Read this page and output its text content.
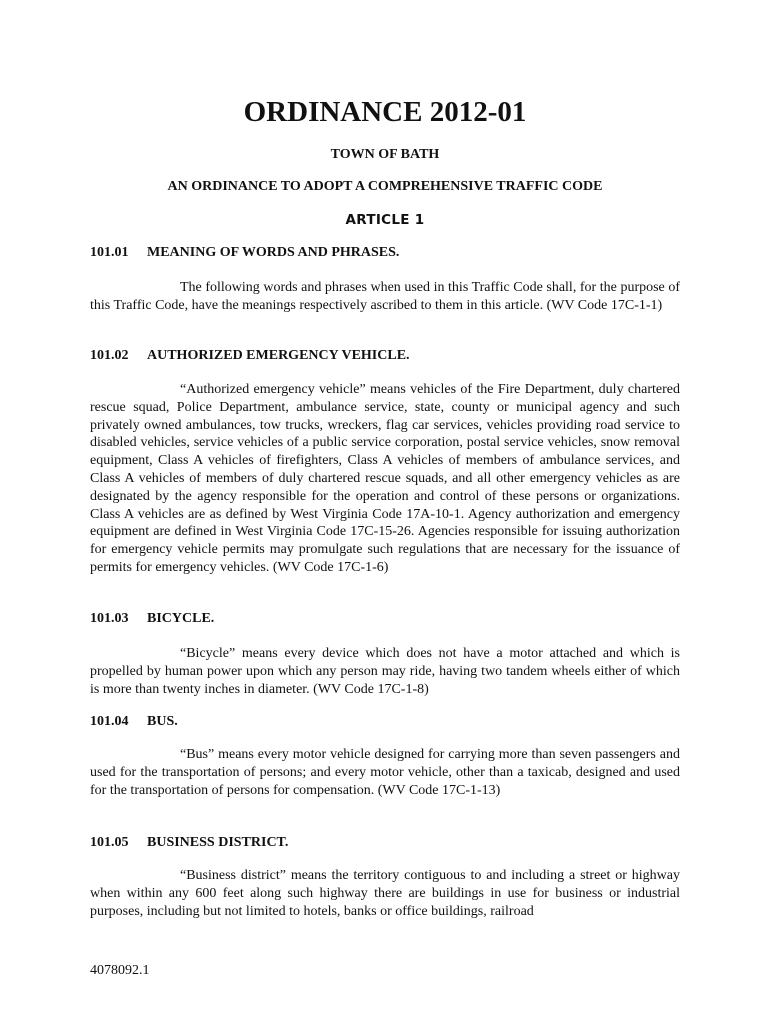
ORDINANCE 2012-01

TOWN OF BATH

AN ORDINANCE TO ADOPT A COMPREHENSIVE TRAFFIC CODE

ARTICLE 1

101.01 MEANING OF WORDS AND PHRASES.

The following words and phrases when used in this Traffic Code shall, for the purpose of this Traffic Code, have the meanings respectively ascribed to them in this article. (WV Code 17C-1-1)

101.02 AUTHORIZED EMERGENCY VEHICLE.

“Authorized emergency vehicle” means vehicles of the Fire Department, duly chartered rescue squad, Police Department, ambulance service, state, county or municipal agency and such privately owned ambulances, tow trucks, wreckers, flag car services, vehicles providing road service to disabled vehicles, service vehicles of a public service corporation, postal service vehicles, snow removal equipment, Class A vehicles of firefighters, Class A vehicles of members of ambulance services, and Class A vehicles of members of duly chartered rescue squads, and all other emergency vehicles as are designated by the agency responsible for the operation and control of these persons or organizations. Class A vehicles are as defined by West Virginia Code 17A-10-1. Agency authorization and emergency equipment are defined in West Virginia Code 17C-15-26. Agencies responsible for issuing authorization for emergency vehicle permits may promulgate such regulations that are necessary for the issuance of permits for emergency vehicles. (WV Code 17C-1-6)

101.03 BICYCLE.

“Bicycle” means every device which does not have a motor attached and which is propelled by human power upon which any person may ride, having two tandem wheels either of which is more than twenty inches in diameter. (WV Code 17C-1-8)

101.04 BUS.

“Bus” means every motor vehicle designed for carrying more than seven passengers and used for the transportation of persons; and every motor vehicle, other than a taxicab, designed and used for the transportation of persons for compensation. (WV Code 17C-1-13)

101.05 BUSINESS DISTRICT.

“Business district” means the territory contiguous to and including a street or highway when within any 600 feet along such highway there are buildings in use for business or industrial purposes, including but not limited to hotels, banks or office buildings, railroad

4078092.1
